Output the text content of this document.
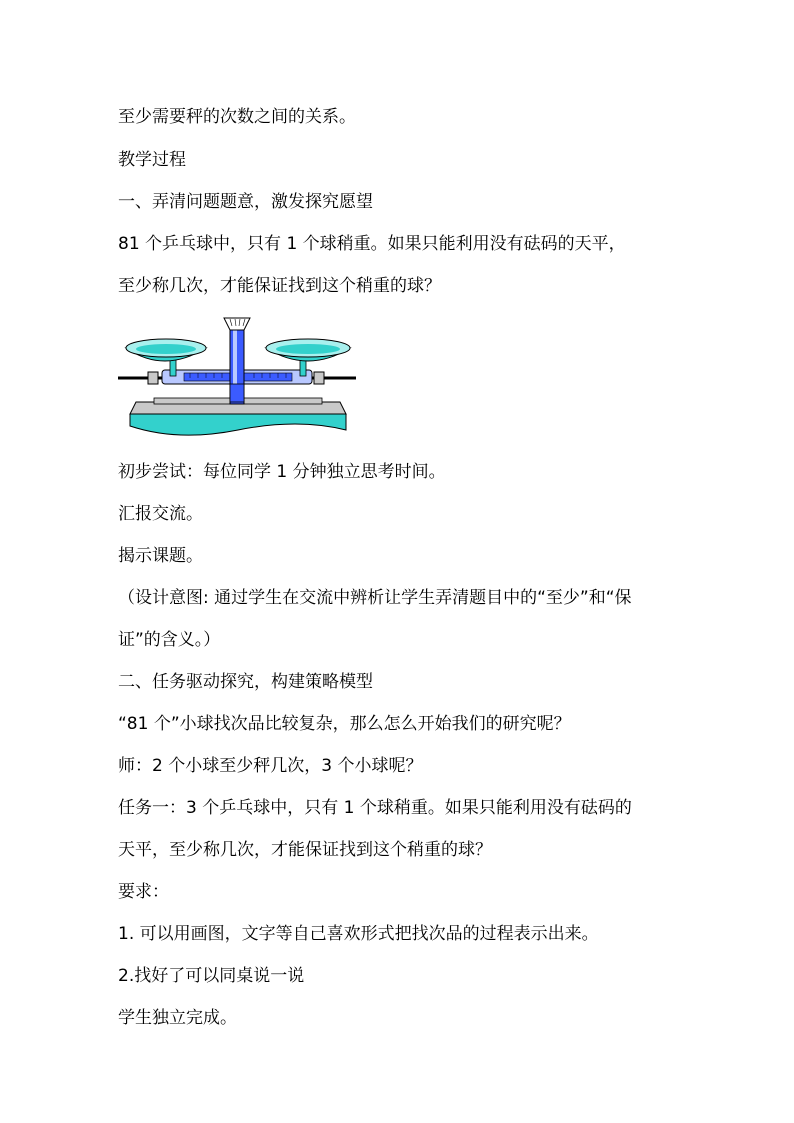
至少需要秤的次数之间的关系。
教学过程
一、弄清问题题意，激发探究愿望
81 个乒乓球中，只有 1 个球稍重。如果只能利用没有砝码的天平，
至少称几次，才能保证找到这个稍重的球？
初步尝试：每位同学 1 分钟独立思考时间。
汇报交流。
揭示课题。
（设计意图: 通过学生在交流中辨析让学生弄清题目中的“至少”和“保
证”的含义。）
二、任务驱动探究，构建策略模型
“81 个”小球找次品比较复杂，那么怎么开始我们的研究呢？
师：2 个小球至少秤几次，3 个小球呢？
任务一：3 个乒乓球中，只有 1 个球稍重。如果只能利用没有砝码的
天平，至少称几次，才能保证找到这个稍重的球？
要求：
1. 可以用画图，文字等自己喜欢形式把找次品的过程表示出来。
2.找好了可以同桌说一说
学生独立完成。
